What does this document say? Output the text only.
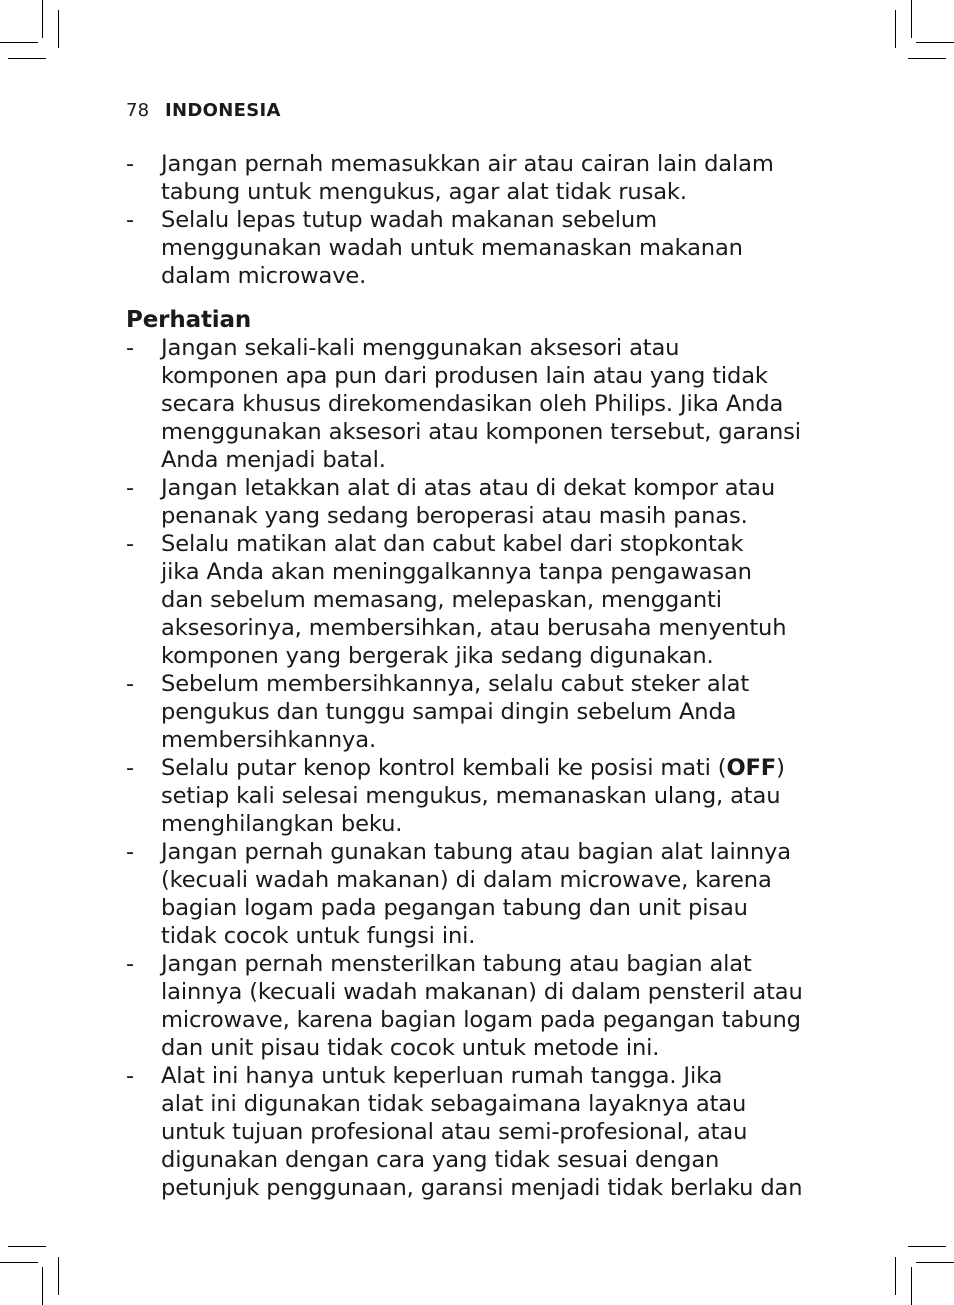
78 INDONESIA
- Jangan pernah memasukkan air atau cairan lain dalam
tabung untuk mengukus, agar alat tidak rusak.
- Selalu lepas tutup wadah makanan sebelum
menggunakan wadah untuk memanaskan makanan
dalam microwave.
Perhatian
- Jangan sekali-kali menggunakan aksesori atau
komponen apa pun dari produsen lain atau yang tidak
secara khusus direkomendasikan oleh Philips. Jika Anda
menggunakan aksesori atau komponen tersebut, garansi
Anda menjadi batal.
- Jangan letakkan alat di atas atau di dekat kompor atau
penanak yang sedang beroperasi atau masih panas.
- Selalu matikan alat dan cabut kabel dari stopkontak
jika Anda akan meninggalkannya tanpa pengawasan
dan sebelum memasang, melepaskan, mengganti
aksesorinya, membersihkan, atau berusaha menyentuh
komponen yang bergerak jika sedang digunakan.
- Sebelum membersihkannya, selalu cabut steker alat
pengukus dan tunggu sampai dingin sebelum Anda
membersihkannya.
- Selalu putar kenop kontrol kembali ke posisi mati (OFF)
setiap kali selesai mengukus, memanaskan ulang, atau
menghilangkan beku.
- Jangan pernah gunakan tabung atau bagian alat lainnya
(kecuali wadah makanan) di dalam microwave, karena
bagian logam pada pegangan tabung dan unit pisau
tidak cocok untuk fungsi ini.
- Jangan pernah mensterilkan tabung atau bagian alat
lainnya (kecuali wadah makanan) di dalam pensteril atau
microwave, karena bagian logam pada pegangan tabung
dan unit pisau tidak cocok untuk metode ini.
- Alat ini hanya untuk keperluan rumah tangga. Jika
alat ini digunakan tidak sebagaimana layaknya atau
untuk tujuan profesional atau semi-profesional, atau
digunakan dengan cara yang tidak sesuai dengan
petunjuk penggunaan, garansi menjadi tidak berlaku dan
